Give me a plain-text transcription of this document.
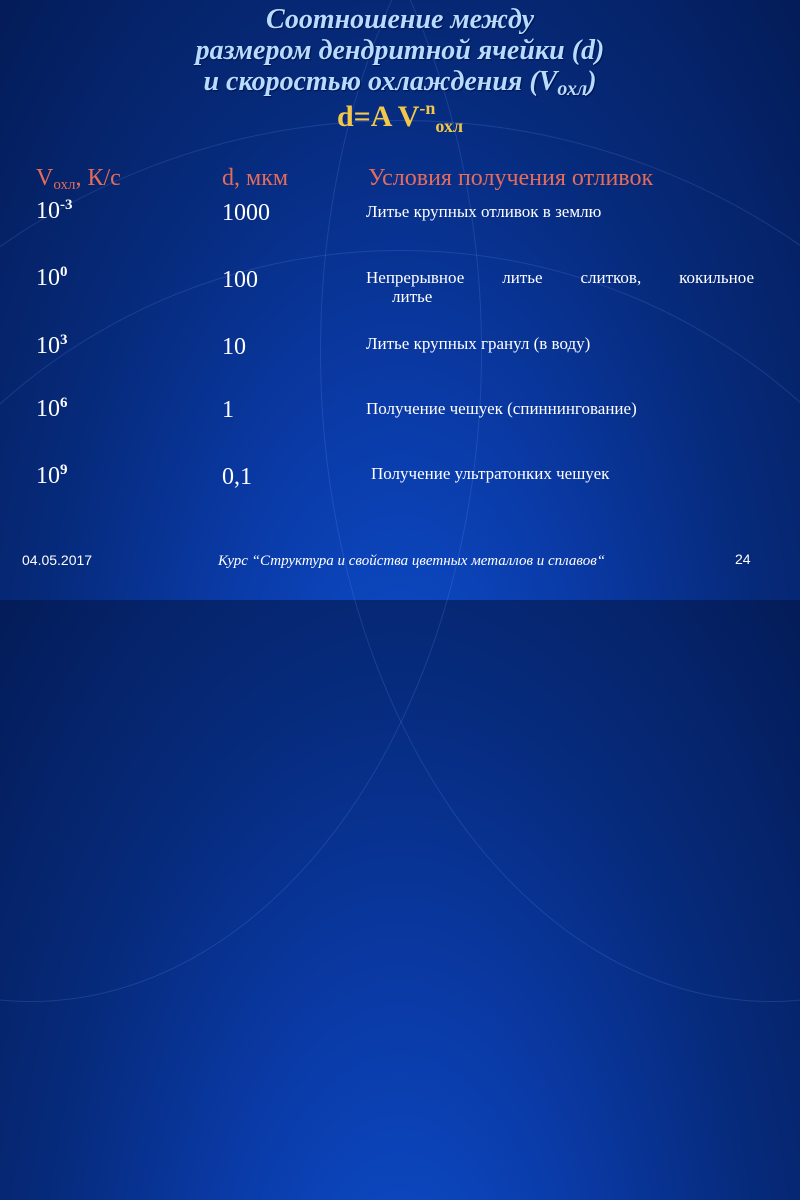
Соотношение между
размером дендритной ячейки (d)
и скоростью охлаждения $(V_{охл})$
d=A $V^{-n}_{охл}$
$V_{охл}$, К/с	d, мкм	Условия получения отливок
$10^{-3}$	1000	Литье крупных отливок в землю
$10^0$	100	Непрерывное литье слитков, кокильное
литье
$10^3$	10	Литье крупных гранул (в воду)
$10^6$	1	Получение чешуек (спиннингование)
$10^9$	0,1	Получение ультратонких чешуек
04.05.2017	Курс “Структура и свойства цветных металлов и сплавов“	24
